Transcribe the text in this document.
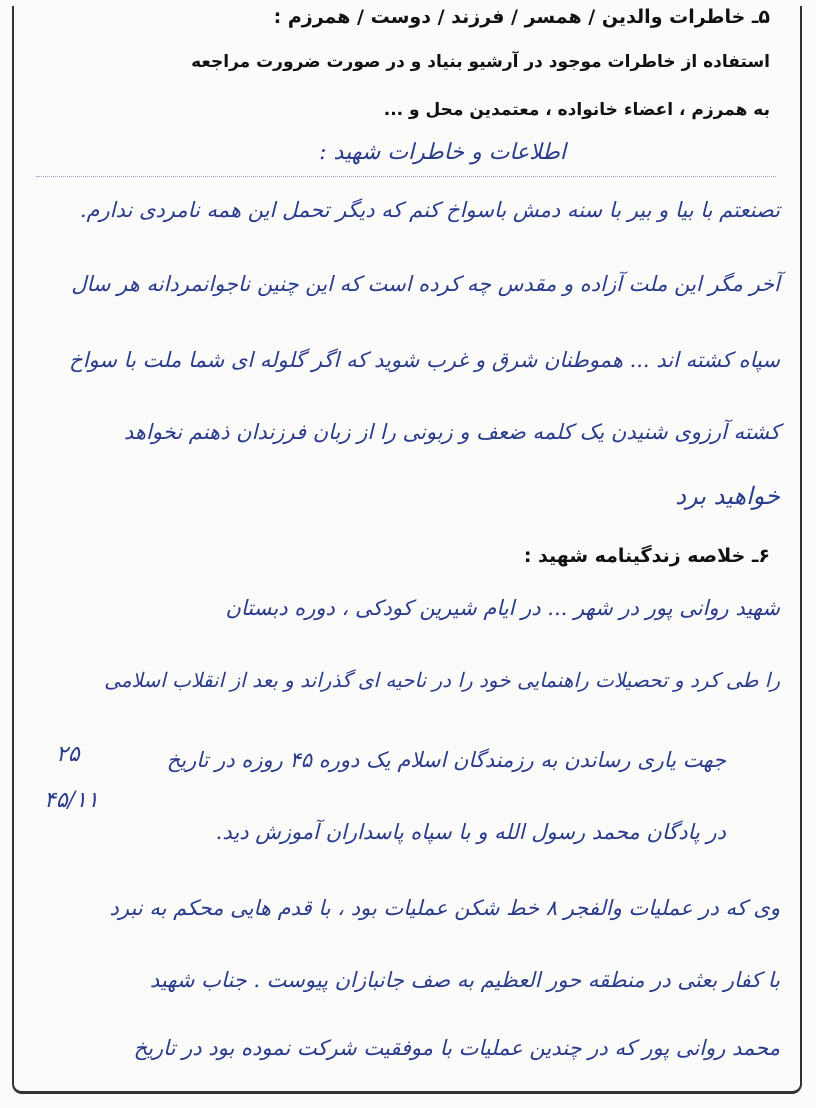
۵ـ خاطرات والدین / همسر / فرزند / دوست / همرزم :
استفاده از خاطرات موجود در آرشیو بنیاد و در صورت ضرورت مراجعه
به همرزم ، اعضاء خانواده ، معتمدین محل و ...
اطلاعات و خاطرات شهید :
تصنعتم با بیا و بیر با سنه دمش باسواخ کنم که دیگر تحمل این همه نامردی ندارم.
آخر مگر این ملت آزاده و مقدس چه کرده است که این چنین ناجوانمردانه هر سال
سپاه کشته اند ... هموطنان شرق و غرب شوید که اگر گلوله ای شما ملت با سواخ
کشته آرزوی شنیدن یک کلمه ضعف و زبونی را از زبان فرزندان ذهنم نخواهد
خواهید برد
۶ـ خلاصه زندگینامه شهید :
شهید روانی پور در شهر ... در ایام شیرین کودکی ، دوره دبستان
را طی کرد و تحصیلات راهنمایی خود را در ناحیه ای گذراند و بعد از انقلاب اسلامی
جهت یاری رساندن به رزمندگان اسلام یک دوره ۴۵ روزه در تاریخ
در پادگان محمد رسول الله و با سپاه پاسداران آموزش دید.
وی که در عملیات والفجر ۸ خط شکن عملیات بود ، با قدم هایی محکم به نبرد
با کفار بعثی در منطقه حور العظیم به صف جانبازان پیوست . جناب شهید
محمد روانی پور که در چندین عملیات با موفقیت شرکت نموده بود در تاریخ
۲۵
۴۵/۱۱
